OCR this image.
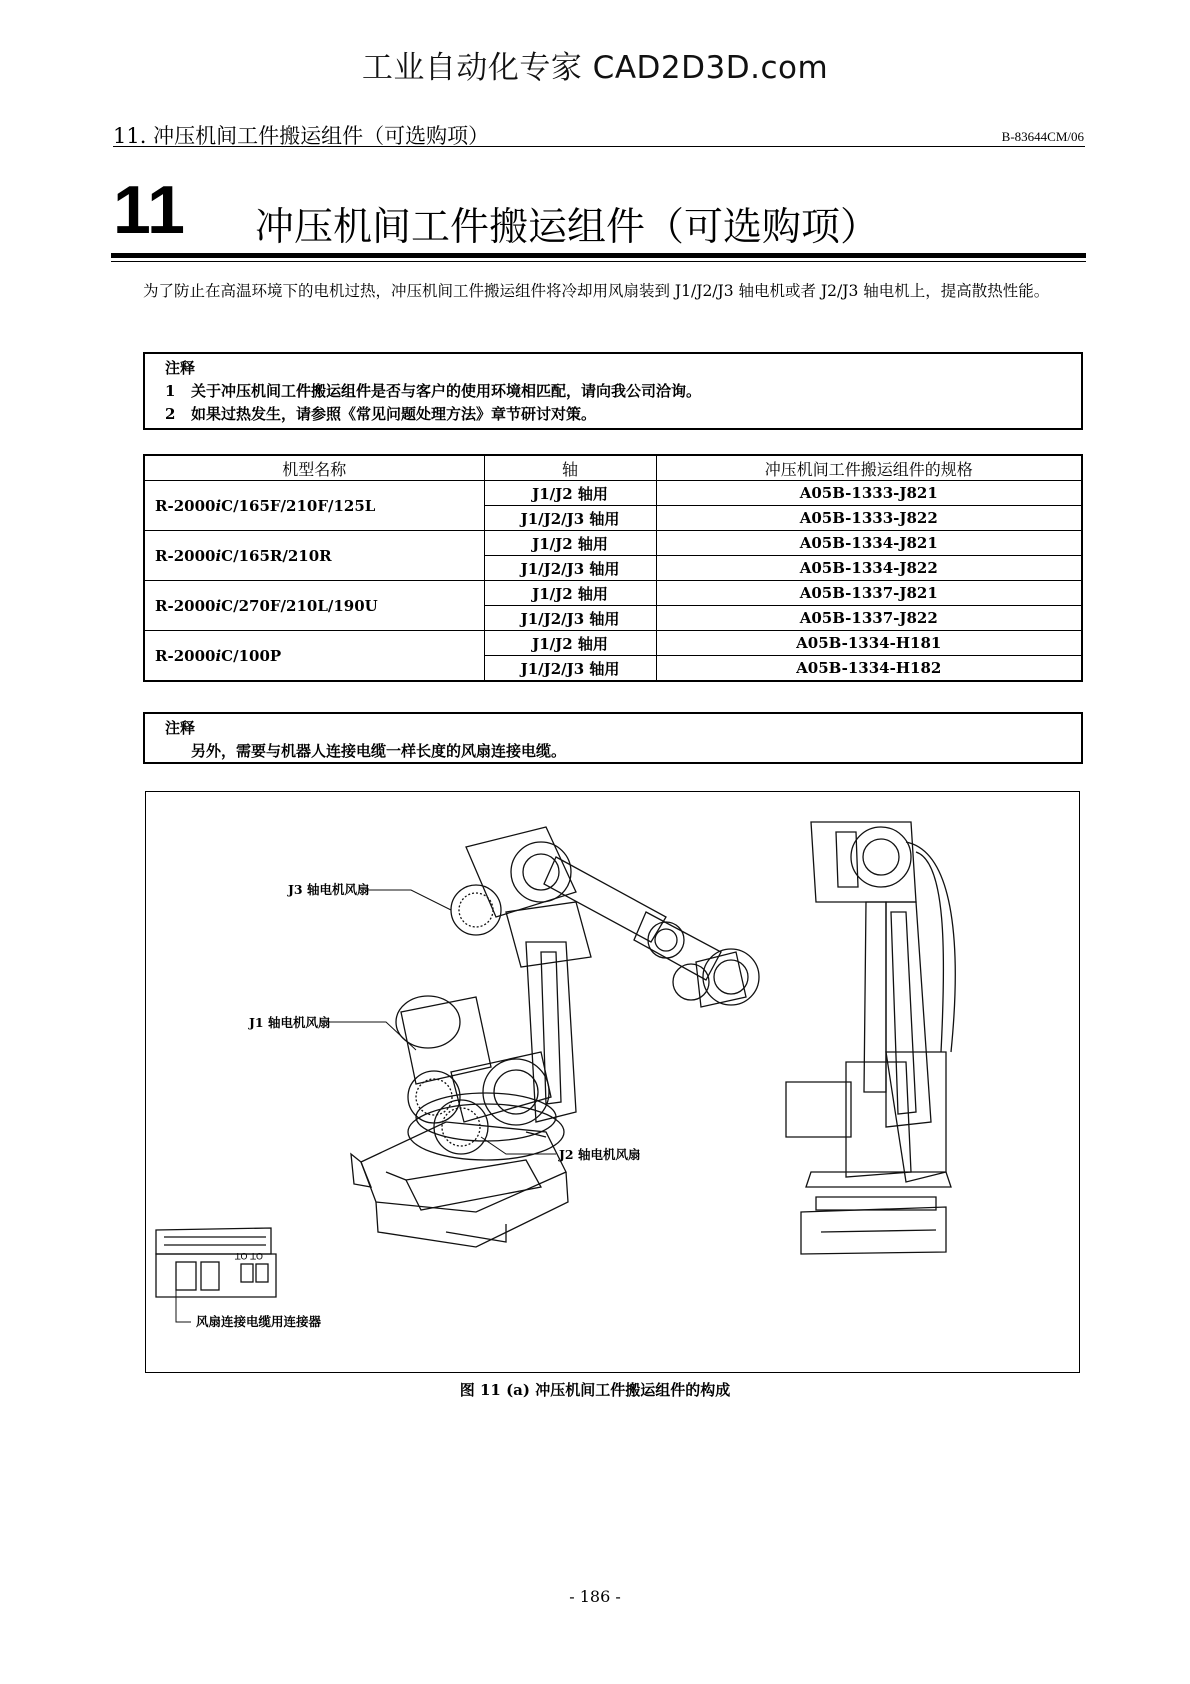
工业自动化专家 CAD2D3D.com
11. 冲压机间工件搬运组件（可选购项）	B-83644CM/06
11 冲压机间工件搬运组件（可选购项）
为了防止在高温环境下的电机过热，冲压机间工件搬运组件将冷却用风扇装到 J1/J2/J3 轴电机或者 J2/J3 轴电机上，提高散热性能。
注释
1 关于冲压机间工件搬运组件是否与客户的使用环境相匹配，请向我公司洽询。
2 如果过热发生，请参照《常见问题处理方法》章节研讨对策。
机型名称	轴	冲压机间工件搬运组件的规格
R-2000iC/165F/210F/125L	J1/J2 轴用	A05B-1333-J821
	J1/J2/J3 轴用	A05B-1333-J822
R-2000iC/165R/210R	J1/J2 轴用	A05B-1334-J821
	J1/J2/J3 轴用	A05B-1334-J822
R-2000iC/270F/210L/190U	J1/J2 轴用	A05B-1337-J821
	J1/J2/J3 轴用	A05B-1337-J822
R-2000iC/100P	J1/J2 轴用	A05B-1334-H181
	J1/J2/J3 轴用	A05B-1334-H182
注释
另外，需要与机器人连接电缆一样长度的风扇连接电缆。
J3 轴电机风扇
J1 轴电机风扇
J2 轴电机风扇
风扇连接电缆用连接器
OT OT
图 11 (a) 冲压机间工件搬运组件的构成
- 186 -
